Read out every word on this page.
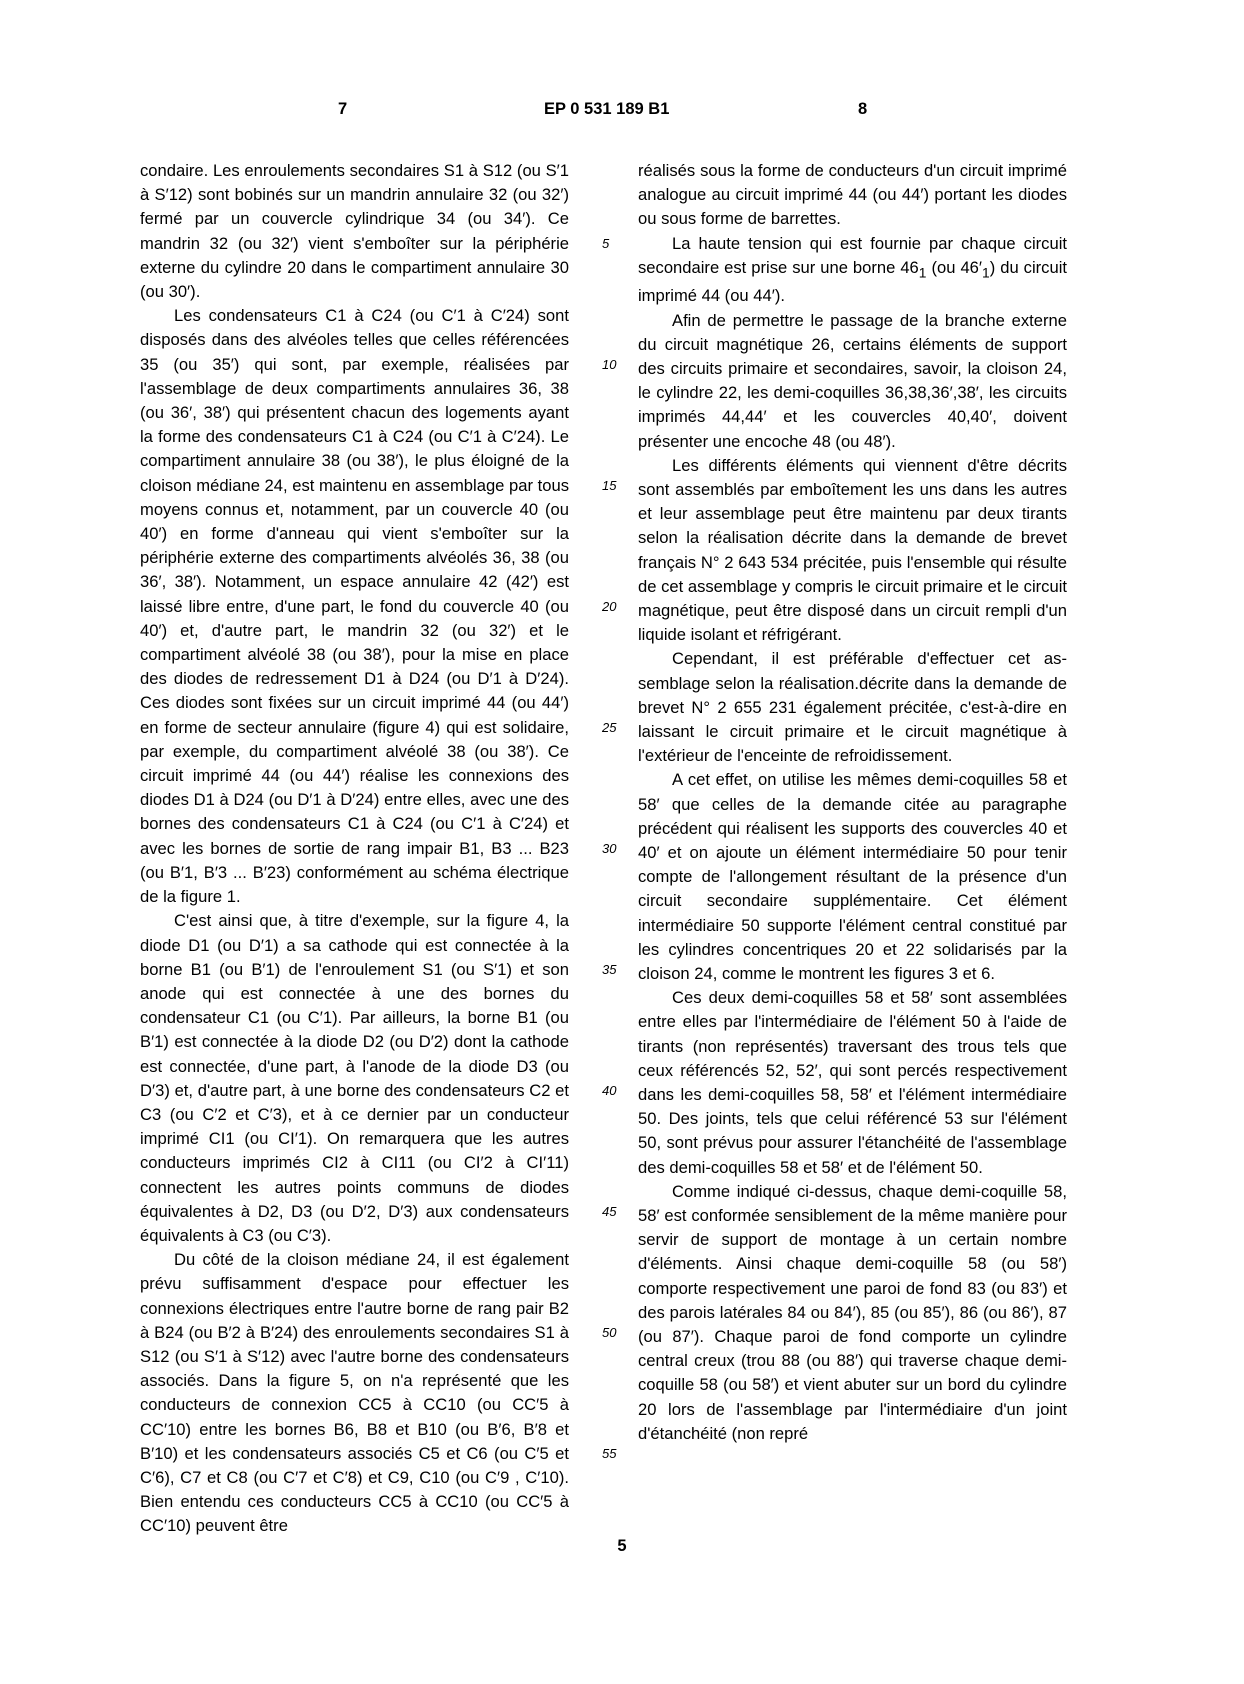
7	EP 0 531 189 B1	8

condaire. Les enroulements secondaires S1 à S12 (ou S′1 à S′12) sont bobinés sur un mandrin annulaire 32 (ou 32′) fermé par un couvercle cylindrique 34 (ou 34′). Ce mandrin 32 (ou 32′) vient s'emboîter sur la périphérie externe du cylindre 20 dans le compartiment annulaire 30 (ou 30′).

Les condensateurs C1 à C24 (ou C′1 à C′24) sont disposés dans des alvéoles telles que celles référencées 35 (ou 35′) qui sont, par exemple, réalisées par l'assemblage de deux compartiments annulaires 36, 38 (ou 36′, 38′) qui présentent chacun des logements ayant la forme des condensateurs C1 à C24 (ou C′1 à C′24). Le compartiment annulaire 38 (ou 38′), le plus éloigné de la cloison médiane 24, est maintenu en assemblage par tous moyens connus et, notamment, par un couvercle 40 (ou 40′) en forme d'anneau qui vient s'emboîter sur la périphérie externe des compartiments alvéolés 36, 38 (ou 36′, 38′). Notamment, un espace annulaire 42 (42′) est laissé libre entre, d'une part, le fond du couvercle 40 (ou 40′) et, d'autre part, le mandrin 32 (ou 32′) et le compartiment alvéolé 38 (ou 38′), pour la mise en place des diodes de redressement D1 à D24 (ou D′1 à D′24). Ces diodes sont fixées sur un circuit imprimé 44 (ou 44′) en forme de secteur annulaire (figure 4) qui est solidaire, par exemple, du compartiment alvéolé 38 (ou 38′). Ce circuit imprimé 44 (ou 44′) réalise les connexions des diodes D1 à D24 (ou D′1 à D′24) entre elles, avec une des bornes des condensateurs C1 à C24 (ou C′1 à C′24) et avec les bornes de sortie de rang impair B1, B3 ... B23 (ou B′1, B′3 ... B′23) conformément au schéma électrique de la figure 1.

C'est ainsi que, à titre d'exemple, sur la figure 4, la diode D1 (ou D′1) a sa cathode qui est connectée à la borne B1 (ou B′1) de l'enroulement S1 (ou S′1) et son anode qui est connectée à une des bornes du condensateur C1 (ou C′1). Par ailleurs, la borne B1 (ou B′1) est connectée à la diode D2 (ou D′2) dont la cathode est connectée, d'une part, à l'anode de la diode D3 (ou D′3) et, d'autre part, à une borne des condensateurs C2 et C3 (ou C′2 et C′3), et à ce dernier par un conducteur imprimé CI1 (ou CI′1). On remarquera que les autres conducteurs imprimés CI2 à CI11 (ou CI′2 à CI′11) connectent les autres points communs de diodes équivalentes à D2, D3 (ou D′2, D′3) aux condensateurs équivalents à C3 (ou C′3).

Du côté de la cloison médiane 24, il est également prévu suffisamment d'espace pour effectuer les connexions électriques entre l'autre borne de rang pair B2 à B24 (ou B′2 à B′24) des enroulements secondaires S1 à S12 (ou S′1 à S′12) avec l'autre borne des condensateurs associés. Dans la figure 5, on n'a représenté que les conducteurs de connexion CC5 à CC10 (ou CC′5 à CC′10) entre les bornes B6, B8 et B10 (ou B′6, B′8 et B′10) et les condensateurs associés C5 et C6 (ou C′5 et C′6), C7 et C8 (ou C′7 et C′8) et C9, C10 (ou C′9 , C′10). Bien entendu ces conducteurs CC5 à CC10 (ou CC′5 à CC′10) peuvent être

5
10
15
20
25
30
35
40
45
50
55

réalisés sous la forme de conducteurs d'un circuit imprimé analogue au circuit imprimé 44 (ou 44′) portant les diodes ou sous forme de barrettes.

La haute tension qui est fournie par chaque circuit secondaire est prise sur une borne $46_1$ (ou $46'_1$) du circuit imprimé 44 (ou 44′).

Afin de permettre le passage de la branche externe du circuit magnétique 26, certains éléments de support des circuits primaire et secondaires, savoir, la cloison 24, le cylindre 22, les demi-coquilles 36,38,36′,38′, les circuits imprimés 44,44′ et les couvercles 40,40′, doivent présenter une encoche 48 (ou 48′).

Les différents éléments qui viennent d'être décrits sont assemblés par emboîtement les uns dans les autres et leur assemblage peut être maintenu par deux tirants selon la réalisation décrite dans la demande de brevet français N° 2 643 534 précitée, puis l'ensemble qui résulte de cet assemblage y compris le circuit primaire et le circuit magnétique, peut être disposé dans un circuit rempli d'un liquide isolant et réfrigérant.

Cependant, il est préférable d'effectuer cet assemblage selon la réalisation.décrite dans la demande de brevet N° 2 655 231 également précitée, c'est-à-dire en laissant le circuit primaire et le circuit magnétique à l'extérieur de l'enceinte de refroidissement.

A cet effet, on utilise les mêmes demi-coquilles 58 et 58′ que celles de la demande citée au paragraphe précédent qui réalisent les supports des couvercles 40 et 40′ et on ajoute un élément intermédiaire 50 pour tenir compte de l'allongement résultant de la présence d'un circuit secondaire supplémentaire. Cet élément intermédiaire 50 supporte l'élément central constitué par les cylindres concentriques 20 et 22 solidarisés par la cloison 24, comme le montrent les figures 3 et 6.

Ces deux demi-coquilles 58 et 58′ sont assemblées entre elles par l'intermédiaire de l'élément 50 à l'aide de tirants (non représentés) traversant des trous tels que ceux référencés 52, 52′, qui sont percés respectivement dans les demi-coquilles 58, 58′ et l'élément intermédiaire 50. Des joints, tels que celui référencé 53 sur l'élément 50, sont prévus pour assurer l'étanchéité de l'assemblage des demi-coquilles 58 et 58′ et de l'élément 50.

Comme indiqué ci-dessus, chaque demi-coquille 58, 58′ est conformée sensiblement de la même manière pour servir de support de montage à un certain nombre d'éléments. Ainsi chaque demi-coquille 58 (ou 58′) comporte respectivement une paroi de fond 83 (ou 83′) et des parois latérales 84 ou 84′), 85 (ou 85′), 86 (ou 86′), 87 (ou 87′). Chaque paroi de fond comporte un cylindre central creux (trou 88 (ou 88′) qui traverse chaque demi-coquille 58 (ou 58′) et vient abuter sur un bord du cylindre 20 lors de l'assemblage par l'intermédiaire d'un joint d'étanchéité (non repré

5
